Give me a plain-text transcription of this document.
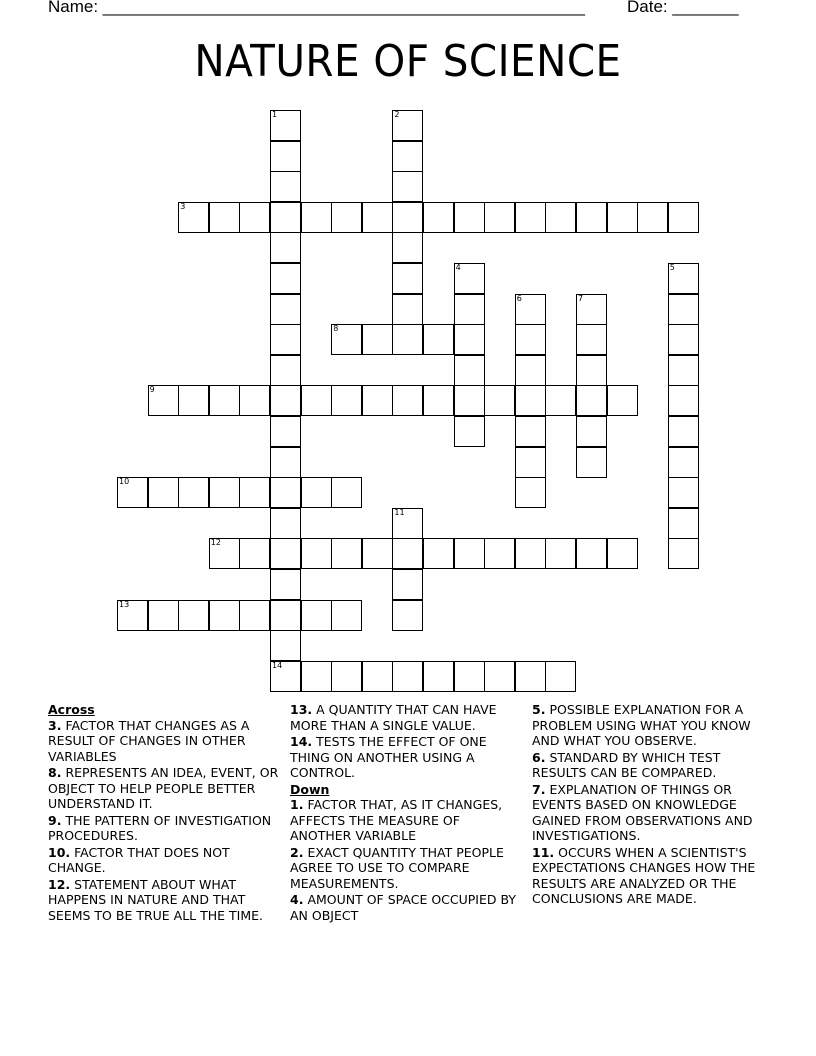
Name: ___________________________________________________ Date: _______
NATURE OF SCIENCE
1
14
2
3
4	5
6	7
8
9
10
11
12
13
Across
3. FACTOR THAT CHANGES AS A RESULT OF CHANGES IN OTHER VARIABLES
8. REPRESENTS AN IDEA, EVENT, OR OBJECT TO HELP PEOPLE BETTER UNDERSTAND IT.
9. THE PATTERN OF INVESTIGATION PROCEDURES.
10. FACTOR THAT DOES NOT CHANGE.
12. STATEMENT ABOUT WHAT HAPPENS IN NATURE AND THAT SEEMS TO BE TRUE ALL THE TIME.
13. A QUANTITY THAT CAN HAVE MORE THAN A SINGLE VALUE.
14. TESTS THE EFFECT OF ONE THING ON ANOTHER USING A CONTROL.
Down
1. FACTOR THAT, AS IT CHANGES, AFFECTS THE MEASURE OF ANOTHER VARIABLE
2. EXACT QUANTITY THAT PEOPLE AGREE TO USE TO COMPARE MEASUREMENTS.
4. AMOUNT OF SPACE OCCUPIED BY AN OBJECT
5. POSSIBLE EXPLANATION FOR A PROBLEM USING WHAT YOU KNOW AND WHAT YOU OBSERVE.
6. STANDARD BY WHICH TEST RESULTS CAN BE COMPARED.
7. EXPLANATION OF THINGS OR EVENTS BASED ON KNOWLEDGE GAINED FROM OBSERVATIONS AND INVESTIGATIONS.
11. OCCURS WHEN A SCIENTIST'S EXPECTATIONS CHANGES HOW THE RESULTS ARE ANALYZED OR THE CONCLUSIONS ARE MADE.
